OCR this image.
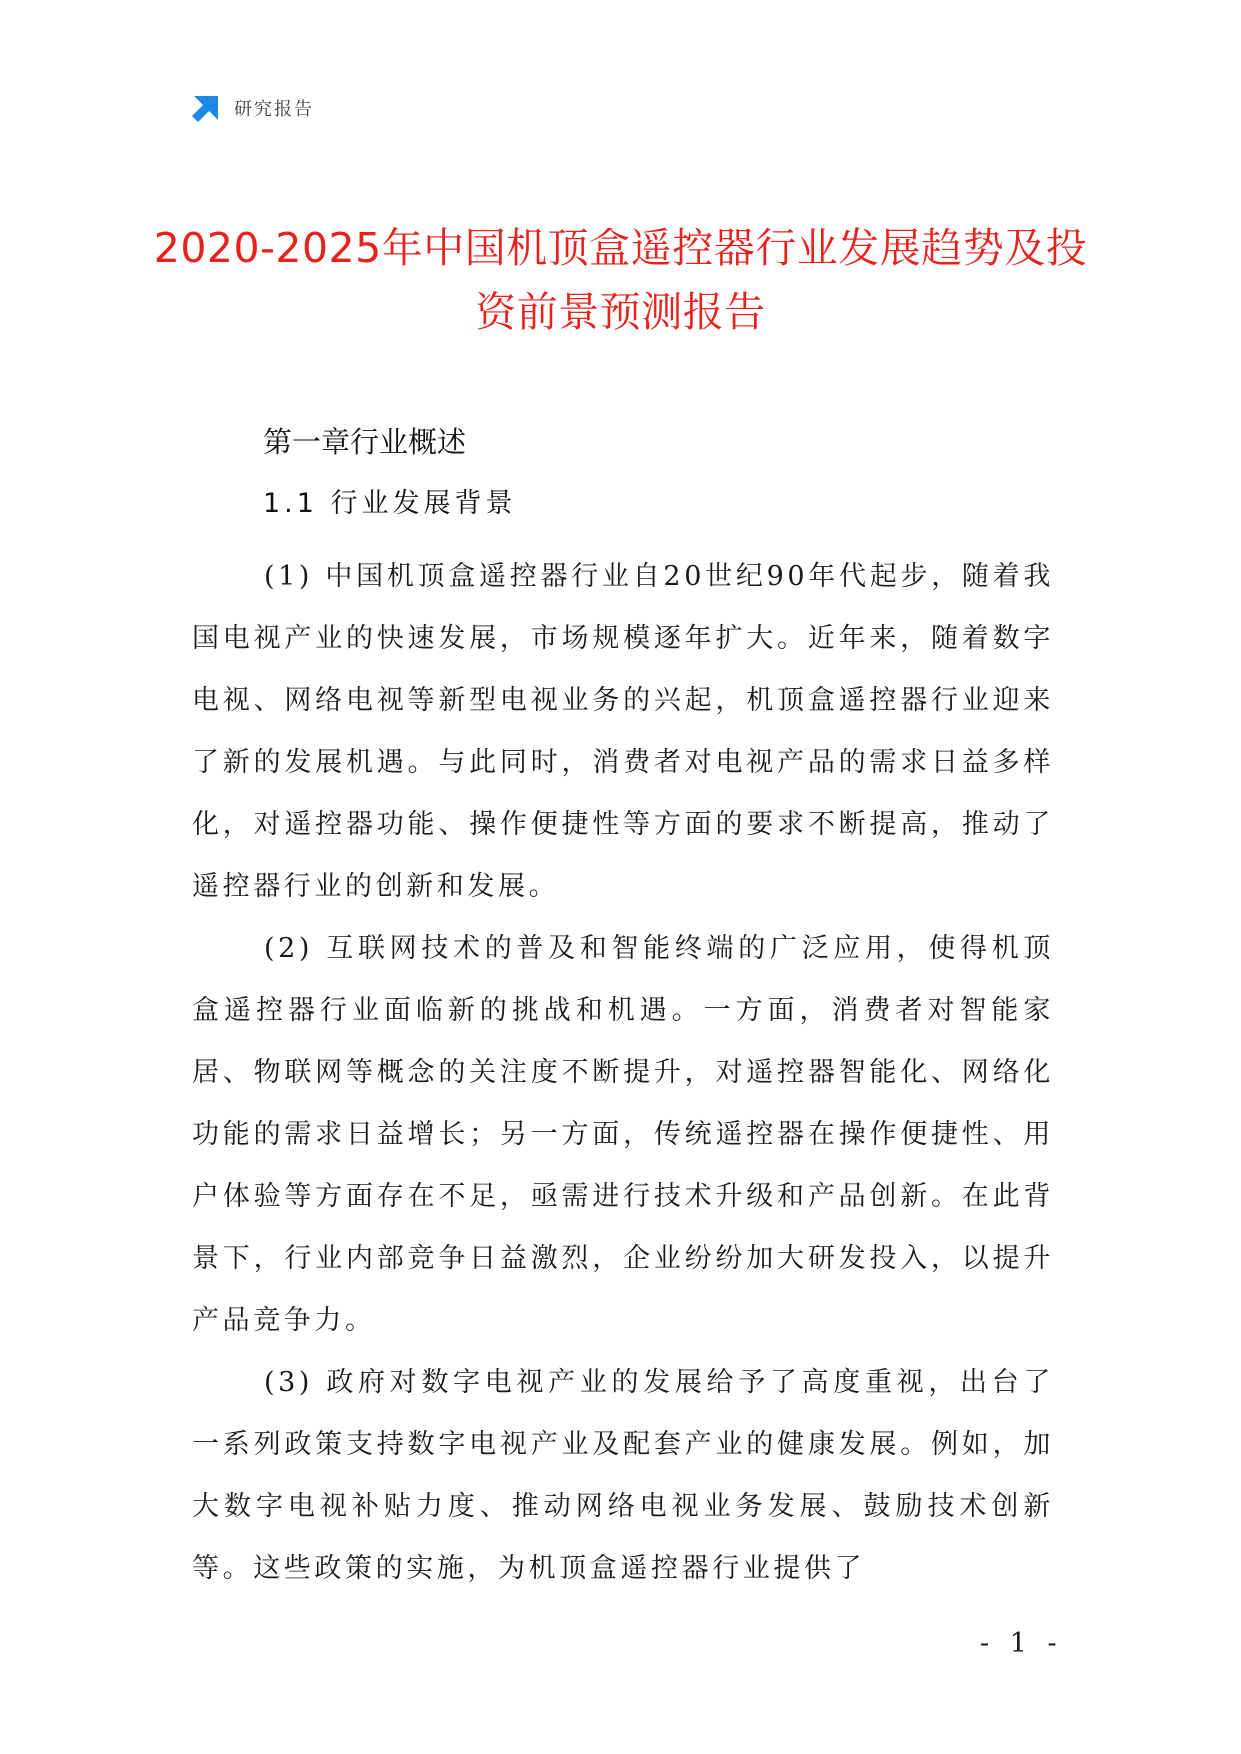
研究报告
2020-2025年中国机顶盒遥控器行业发展趋势及投资前景预测报告
第一章行业概述
1.1 行业发展背景

(1) 中国机顶盒遥控器行业自20世纪90年代起步，随着我国电视产业的快速发展，市场规模逐年扩大。近年来，随着数字电视、网络电视等新型电视业务的兴起，机顶盒遥控器行业迎来了新的发展机遇。与此同时，消费者对电视产品的需求日益多样化，对遥控器功能、操作便捷性等方面的要求不断提高，推动了遥控器行业的创新和发展。

(2) 互联网技术的普及和智能终端的广泛应用，使得机顶盒遥控器行业面临新的挑战和机遇。一方面，消费者对智能家居、物联网等概念的关注度不断提升，对遥控器智能化、网络化功能的需求日益增长；另一方面，传统遥控器在操作便捷性、用户体验等方面存在不足，亟需进行技术升级和产品创新。在此背景下，行业内部竞争日益激烈，企业纷纷加大研发投入，以提升产品竞争力。

(3) 政府对数字电视产业的发展给予了高度重视，出台了一系列政策支持数字电视产业及配套产业的健康发展。例如，加大数字电视补贴力度、推动网络电视业务发展、鼓励技术创新等。这些政策的实施，为机顶盒遥控器行业提供了

- 1 -
